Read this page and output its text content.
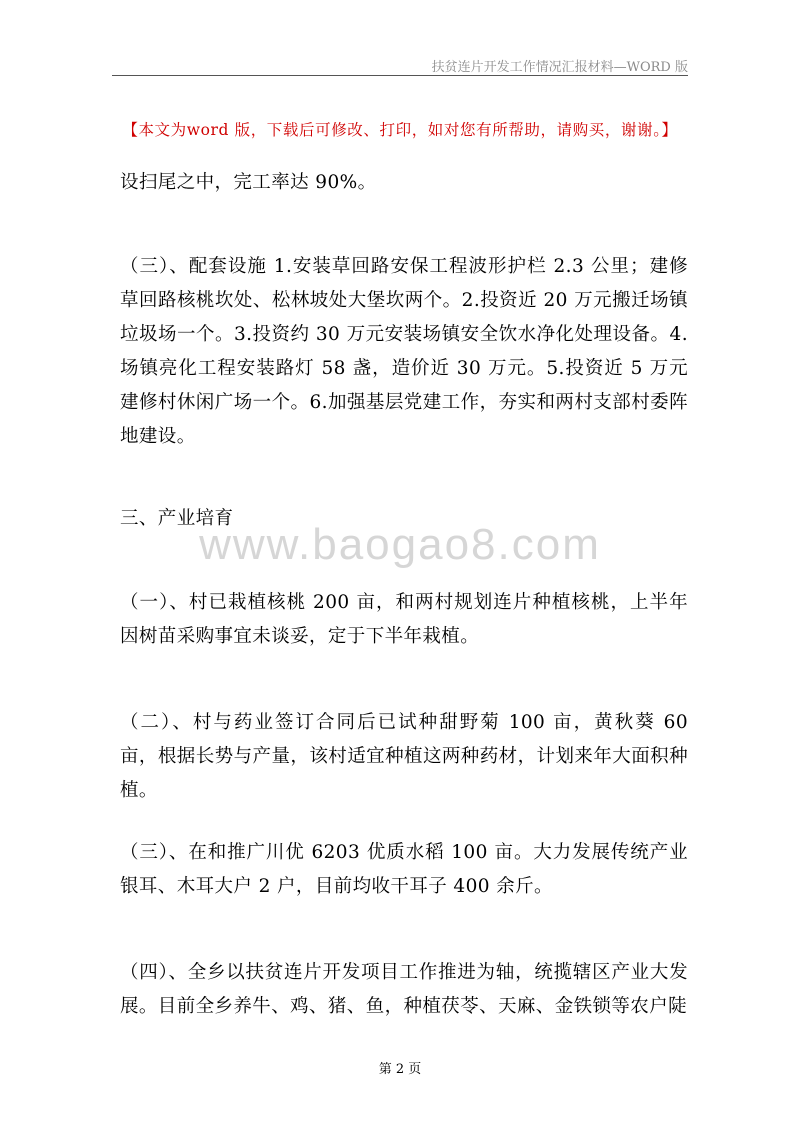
扶贫连片开发工作情况汇报材料—WORD 版
【本文为word 版，下载后可修改、打印，如对您有所帮助，请购买，谢谢。】
www.baogao8.com

设扫尾之中，完工率达 90%。

（三）、配套设施 1.安装草回路安保工程波形护栏 2.3 公里；建修草回路核桃坎处、松林坡处大堡坎两个。2.投资近 20 万元搬迁场镇垃圾场一个。3.投资约 30 万元安装场镇安全饮水净化处理设备。4.场镇亮化工程安装路灯 58 盏，造价近 30 万元。5.投资近 5 万元建修村休闲广场一个。6.加强基层党建工作，夯实和两村支部村委阵地建设。

三、产业培育

（一）、村已栽植核桃 200 亩，和两村规划连片种植核桃，上半年因树苗采购事宜未谈妥，定于下半年栽植。

（二）、村与药业签订合同后已试种甜野菊 100 亩，黄秋葵 60 亩，根据长势与产量，该村适宜种植这两种药材，计划来年大面积种植。

（三）、在和推广川优 6203 优质水稻 100 亩。大力发展传统产业银耳、木耳大户 2 户，目前均收干耳子 400 余斤。

（四）、全乡以扶贫连片开发项目工作推进为轴，统揽辖区产业大发展。目前全乡养牛、鸡、猪、鱼，种植茯苓、天麻、金铁锁等农户陡

第 2 页
